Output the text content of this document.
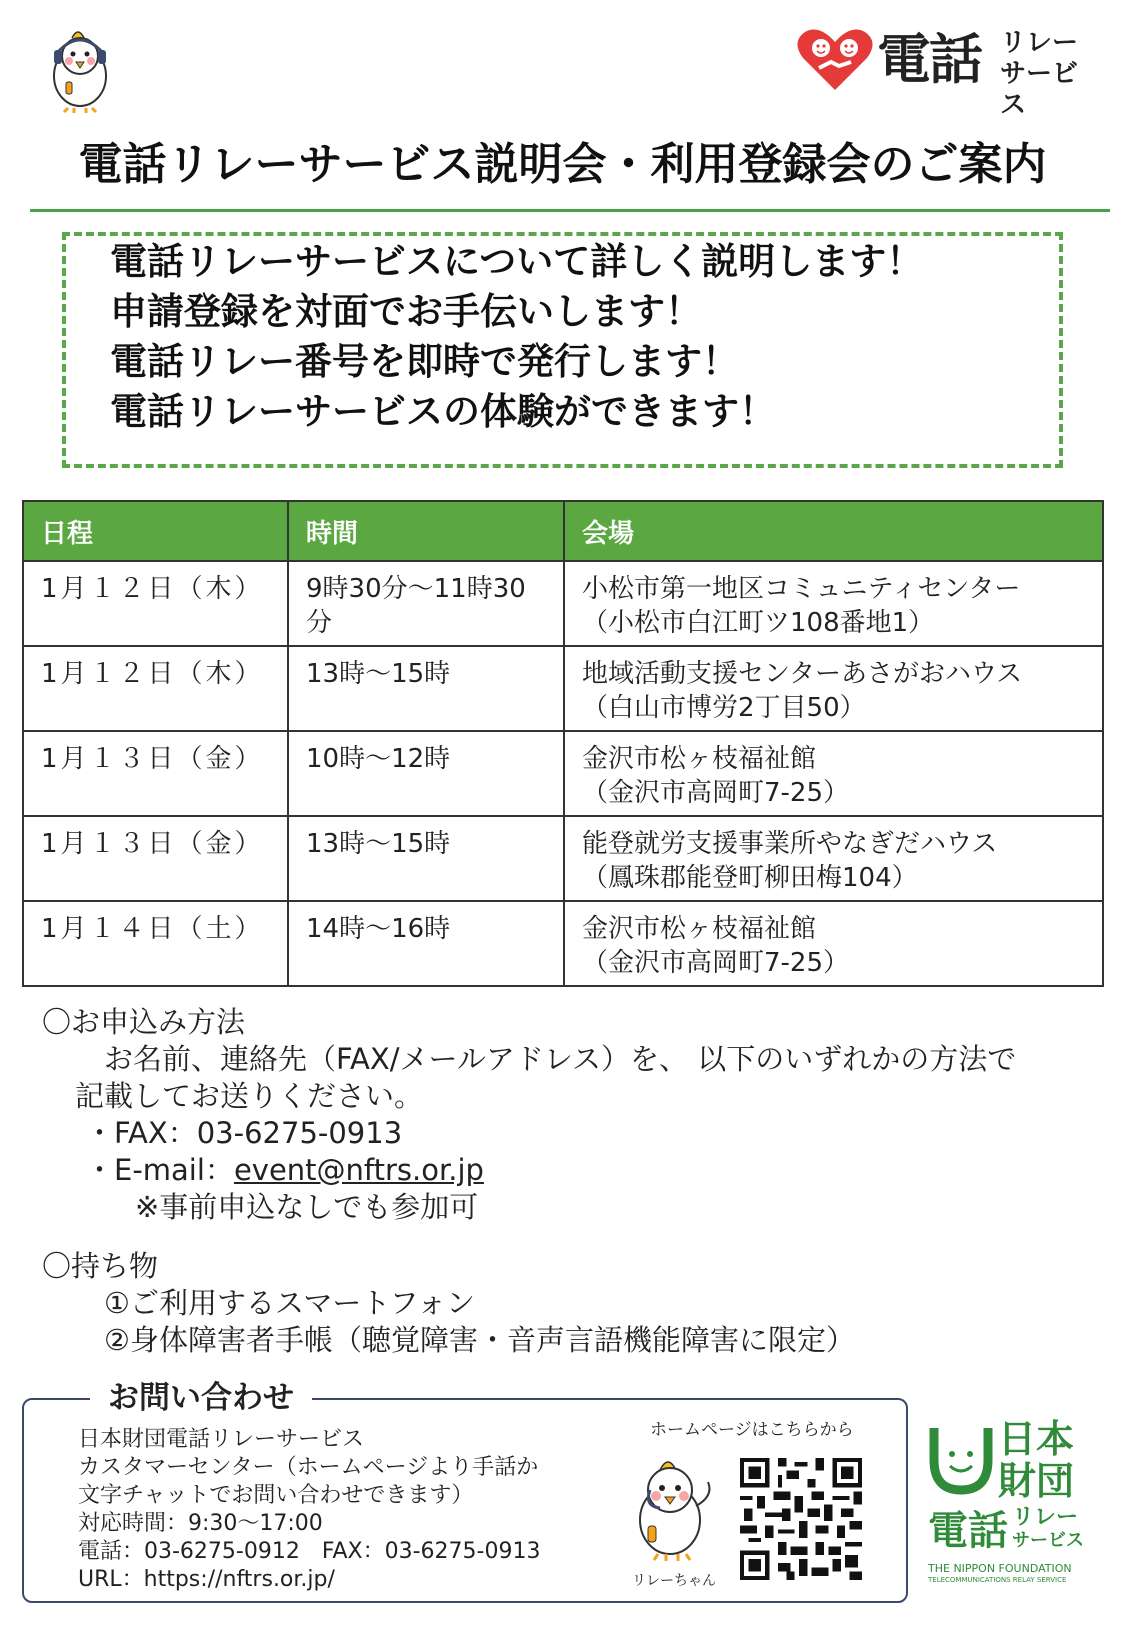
電話 リレー
サービス
電話リレーサービス説明会・利用登録会のご案内
電話リレーサービスについて詳しく説明します！
申請登録を対面でお手伝いします！
電話リレー番号を即時で発行します！
電話リレーサービスの体験ができます！
日程	時間	会場
1月１２日（木）	9時30分～11時30分	小松市第一地区コミュニティセンター
（小松市白江町ツ108番地1）

1月１２日（木）	13時～15時	地域活動支援センターあさがおハウス
（白山市博労2丁目50）

1月１３日（金）	10時～12時	金沢市松ヶ枝福祉館
（金沢市高岡町7-25）

1月１３日（金）	13時～15時	能登就労支援事業所やなぎだハウス
（鳳珠郡能登町柳田梅104）

1月１４日（土）	14時～16時	金沢市松ヶ枝福祉館
（金沢市高岡町7-25）
〇お申込み方法
お名前、連絡先（FAX/メールアドレス）を、 以下のいずれかの方法で
記載してお送りください。
・FAX：03-6275-0913
・E-mail：event@nftrs.or.jp
※事前申込なしでも参加可
〇持ち物
①ご利用するスマートフォン
②身体障害者手帳（聴覚障害・音声言語機能障害に限定）
お問い合わせ
日本財団電話リレーサービス
カスタマーセンター（ホームページより手話か
文字チャットでお問い合わせできます）
対応時間：9:30～17:00
電話：03-6275-0912　FAX：03-6275-0913
URL：https://nftrs.or.jp/
ホームページはこちらから
リレーちゃん
日本
財団
電話 リレー
サービス
THE NIPPON FOUNDATION
TELECOMMUNICATIONS RELAY SERVICE
